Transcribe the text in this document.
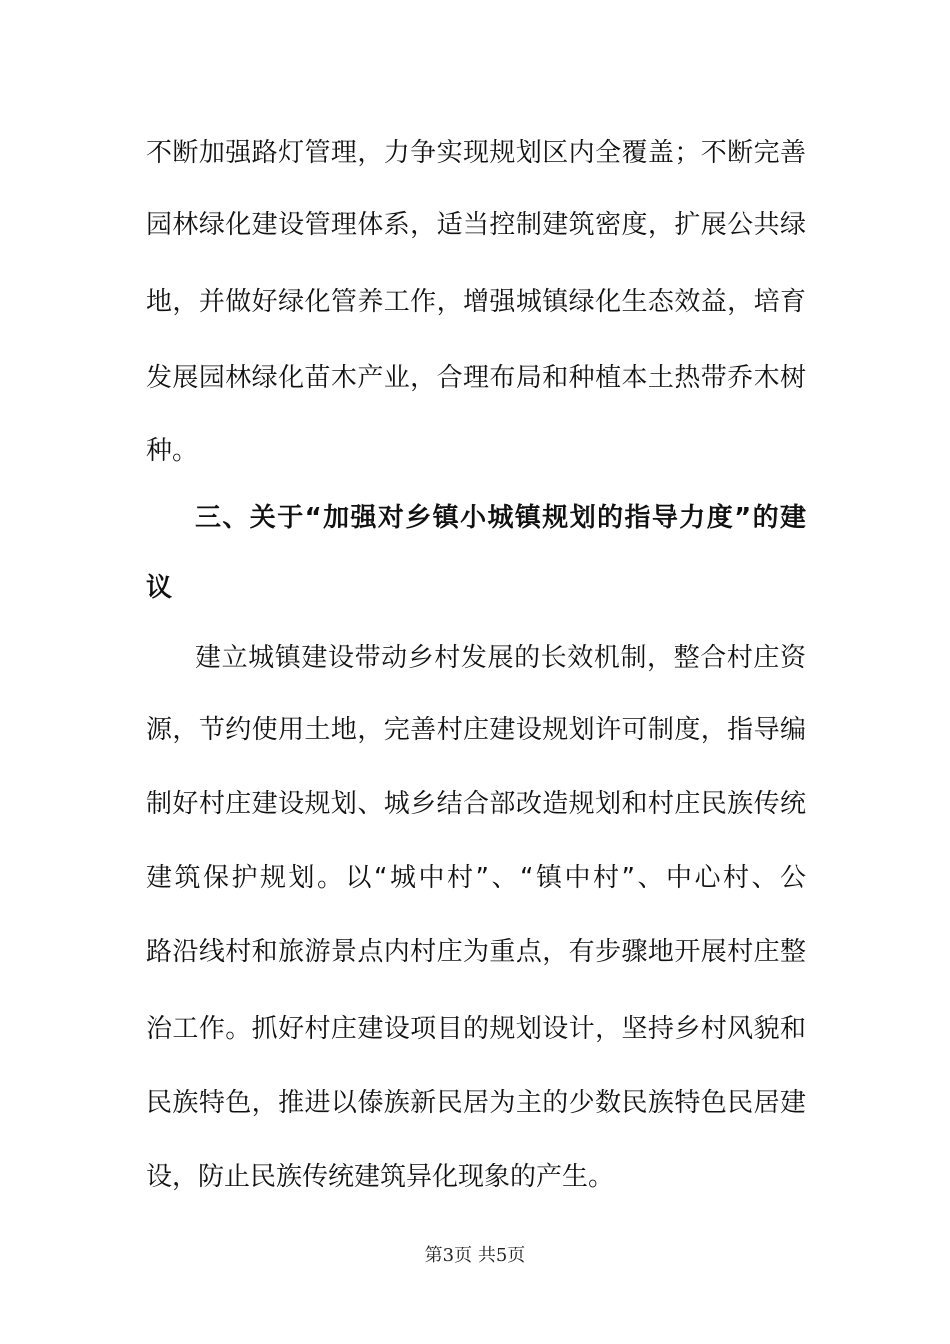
不断加强路灯管理，力争实现规划区内全覆盖；不断完善
园林绿化建设管理体系，适当控制建筑密度，扩展公共绿
地，并做好绿化管养工作，增强城镇绿化生态效益，培育
发展园林绿化苗木产业，合理布局和种植本土热带乔木树
种。
三、关于“加强对乡镇小城镇规划的指导力度”的建
议
建立城镇建设带动乡村发展的长效机制，整合村庄资
源，节约使用土地，完善村庄建设规划许可制度，指导编
制好村庄建设规划、城乡结合部改造规划和村庄民族传统
建筑保护规划。以“城中村”、“镇中村”、中心村、公
路沿线村和旅游景点内村庄为重点，有步骤地开展村庄整
治工作。抓好村庄建设项目的规划设计，坚持乡村风貌和
民族特色，推进以傣族新民居为主的少数民族特色民居建
设，防止民族传统建筑异化现象的产生。
第3页 共5页
